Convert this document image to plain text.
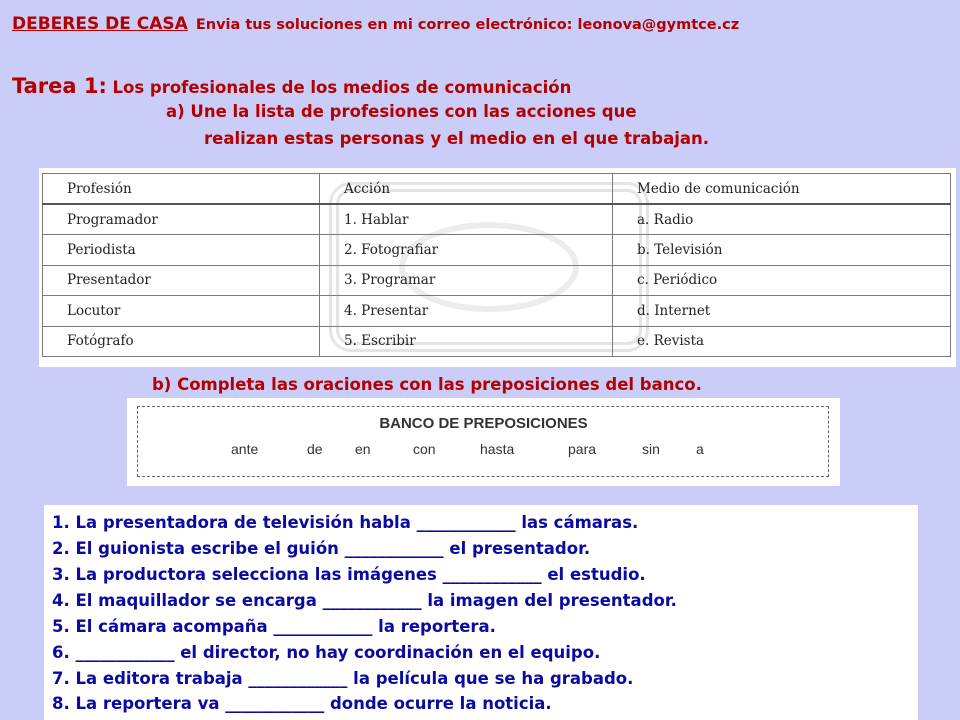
DEBERES DE CASA Envia tus soluciones en mi correo electrónico: leonova@gymtce.cz
Tarea 1: Los profesionales de los medios de comunicación
a) Une la lista de profesiones con las acciones que
realizan estas personas y el medio en el que trabajan.
Profesión	Acción	Medio de comunicación
Programador	1. Hablar	a. Radio
Periodista	2. Fotografiar	b. Televisión
Presentador	3. Programar	c. Periódico
Locutor	4. Presentar	d. Internet
Fotógrafo	5. Escribir	e. Revista
b) Completa las oraciones con las preposiciones del banco.
BANCO DE PREPOSICIONES
ante	de en	con	hasta	para	sin	a
1. La presentadora de televisión habla ____________ las cámaras.
2. El guionista escribe el guión ____________ el presentador.
3. La productora selecciona las imágenes ____________ el estudio.
4. El maquillador se encarga ____________ la imagen del presentador.
5. El cámara acompaña ____________ la reportera.
6. ____________ el director, no hay coordinación en el equipo.
7. La editora trabaja ____________ la película que se ha grabado.
8. La reportera va ____________ donde ocurre la noticia.
